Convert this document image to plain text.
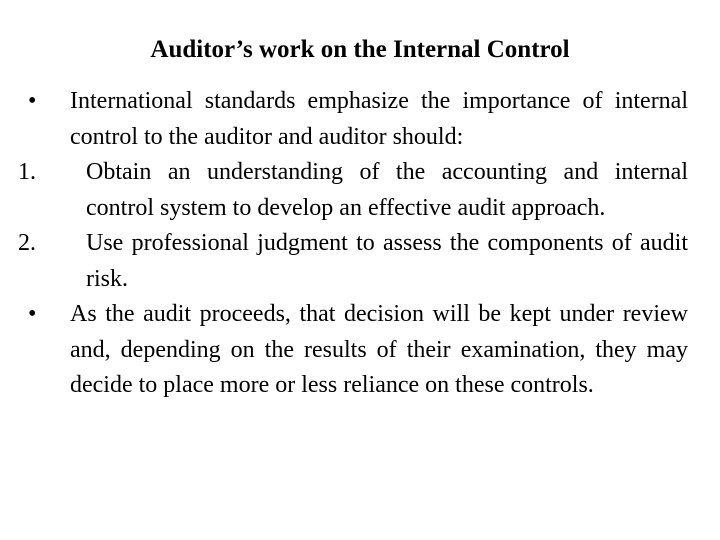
Auditor’s work on the Internal Control
•	International standards emphasize the importance of internal control to the auditor and auditor should:
1.	Obtain an understanding of the accounting and internal control system to develop an effective audit approach.
2.	Use professional judgment to assess the components of audit risk.
•	As the audit proceeds, that decision will be kept under review and, depending on the results of their examination, they may decide to place more or less reliance on these controls.
